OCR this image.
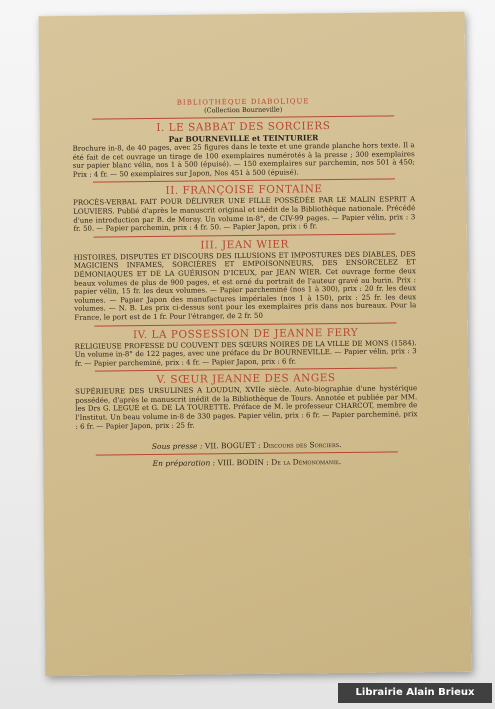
BIBLIOTHÈQUE DIABOLIQUE
(Collection Bourneville)
I. LE SABBAT DES SORCIERS
Par BOURNEVILLE et TEINTURIER
Brochure in-8, de 40 pages, avec 25 figures dans le texte et une grande planche hors texte. Il a été fait de cet ouvrage un tirage de 100 exemplaires numérotés à la presse ; 300 exemplaires sur papier blanc vélin, nos 1 à 500 (épuisé). — 150 exemplaires sur parchemin, nos 501 à 450; Prix : 4 fr. — 50 exemplaires sur Japon, Nos 451 à 500 (épuisé).
II. FRANÇOISE FONTAINE
PROCÈS-VERBAL FAIT POUR DÉLIVRER UNE FILLE POSSÉDÉE PAR LE MALIN ESPRIT A LOUVIERS. Publié d'après le manuscrit original et inédit de la Bibliothèque nationale. Précédé d'une introduction par B. de Moray. Un volume in-8°, de CIV-99 pages. — Papier vélin, prix : 3 fr. 50. — Papier parchemin, prix : 4 fr. 50. — Papier Japon, prix : 6 fr.
III. JEAN WIER
HISTOIRES, DISPUTES ET DISCOURS DES ILLUSIONS ET IMPOSTURES DES DIABLES, DES MAGICIENS INFAMES, SORCIÈRES ET EMPOISONNEURS, DES ENSORCELEZ ET DÉMONIAQUES ET DE LA GUÉRISON D'ICEUX, par JEAN WIER. Cet ouvrage forme deux beaux volumes de plus de 900 pages, et est orné du portrait de l'auteur gravé au burin. Prix : papier vélin, 15 fr. les deux volumes. — Papier parcheminé (nos 1 à 300), prix : 20 fr. les deux volumes. — Papier Japon des manufactures impériales (nos 1 à 150), prix : 25 fr. les deux volumes. — N. B. Les prix ci-dessus sont pour les exemplaires pris dans nos bureaux. Pour la France, le port est de 1 fr. Pour l'étranger, de 2 fr. 50
IV. LA POSSESSION DE JEANNE FERY
RELIGIEUSE PROFESSE DU COUVENT DES SŒURS NOIRES DE LA VILLE DE MONS (1584). Un volume in-8° de 122 pages, avec une préface du Dr BOURNEVILLE. — Papier vélin, prix : 3 fr. — Papier parcheminé, prix : 4 fr. — Papier Japon, prix : 6 fr.
V. SŒUR JEANNE DES ANGES
SUPÉRIEURE DES URSULINES A LOUDUN, XVIIe siècle. Auto-biographie d'une hystérique possédée, d'après le manuscrit inédit de la Bibliothèque de Tours. Annotée et publiée par MM. les Drs G. LEGUÉ et G. DE LA TOURETTE. Préface de M. le professeur CHARCOT, membre de l'Institut. Un beau volume in-8 de 330 pages. Papier vélin, prix : 6 fr. — Papier parcheminé, prix : 6 fr. — Papier Japon, prix : 25 fr.
Sous presse : VII. BOGUET : Discours des Sorciers.
En préparation : VIII. BODIN : De la Démonomanie.
Librairie Alain Brieux
